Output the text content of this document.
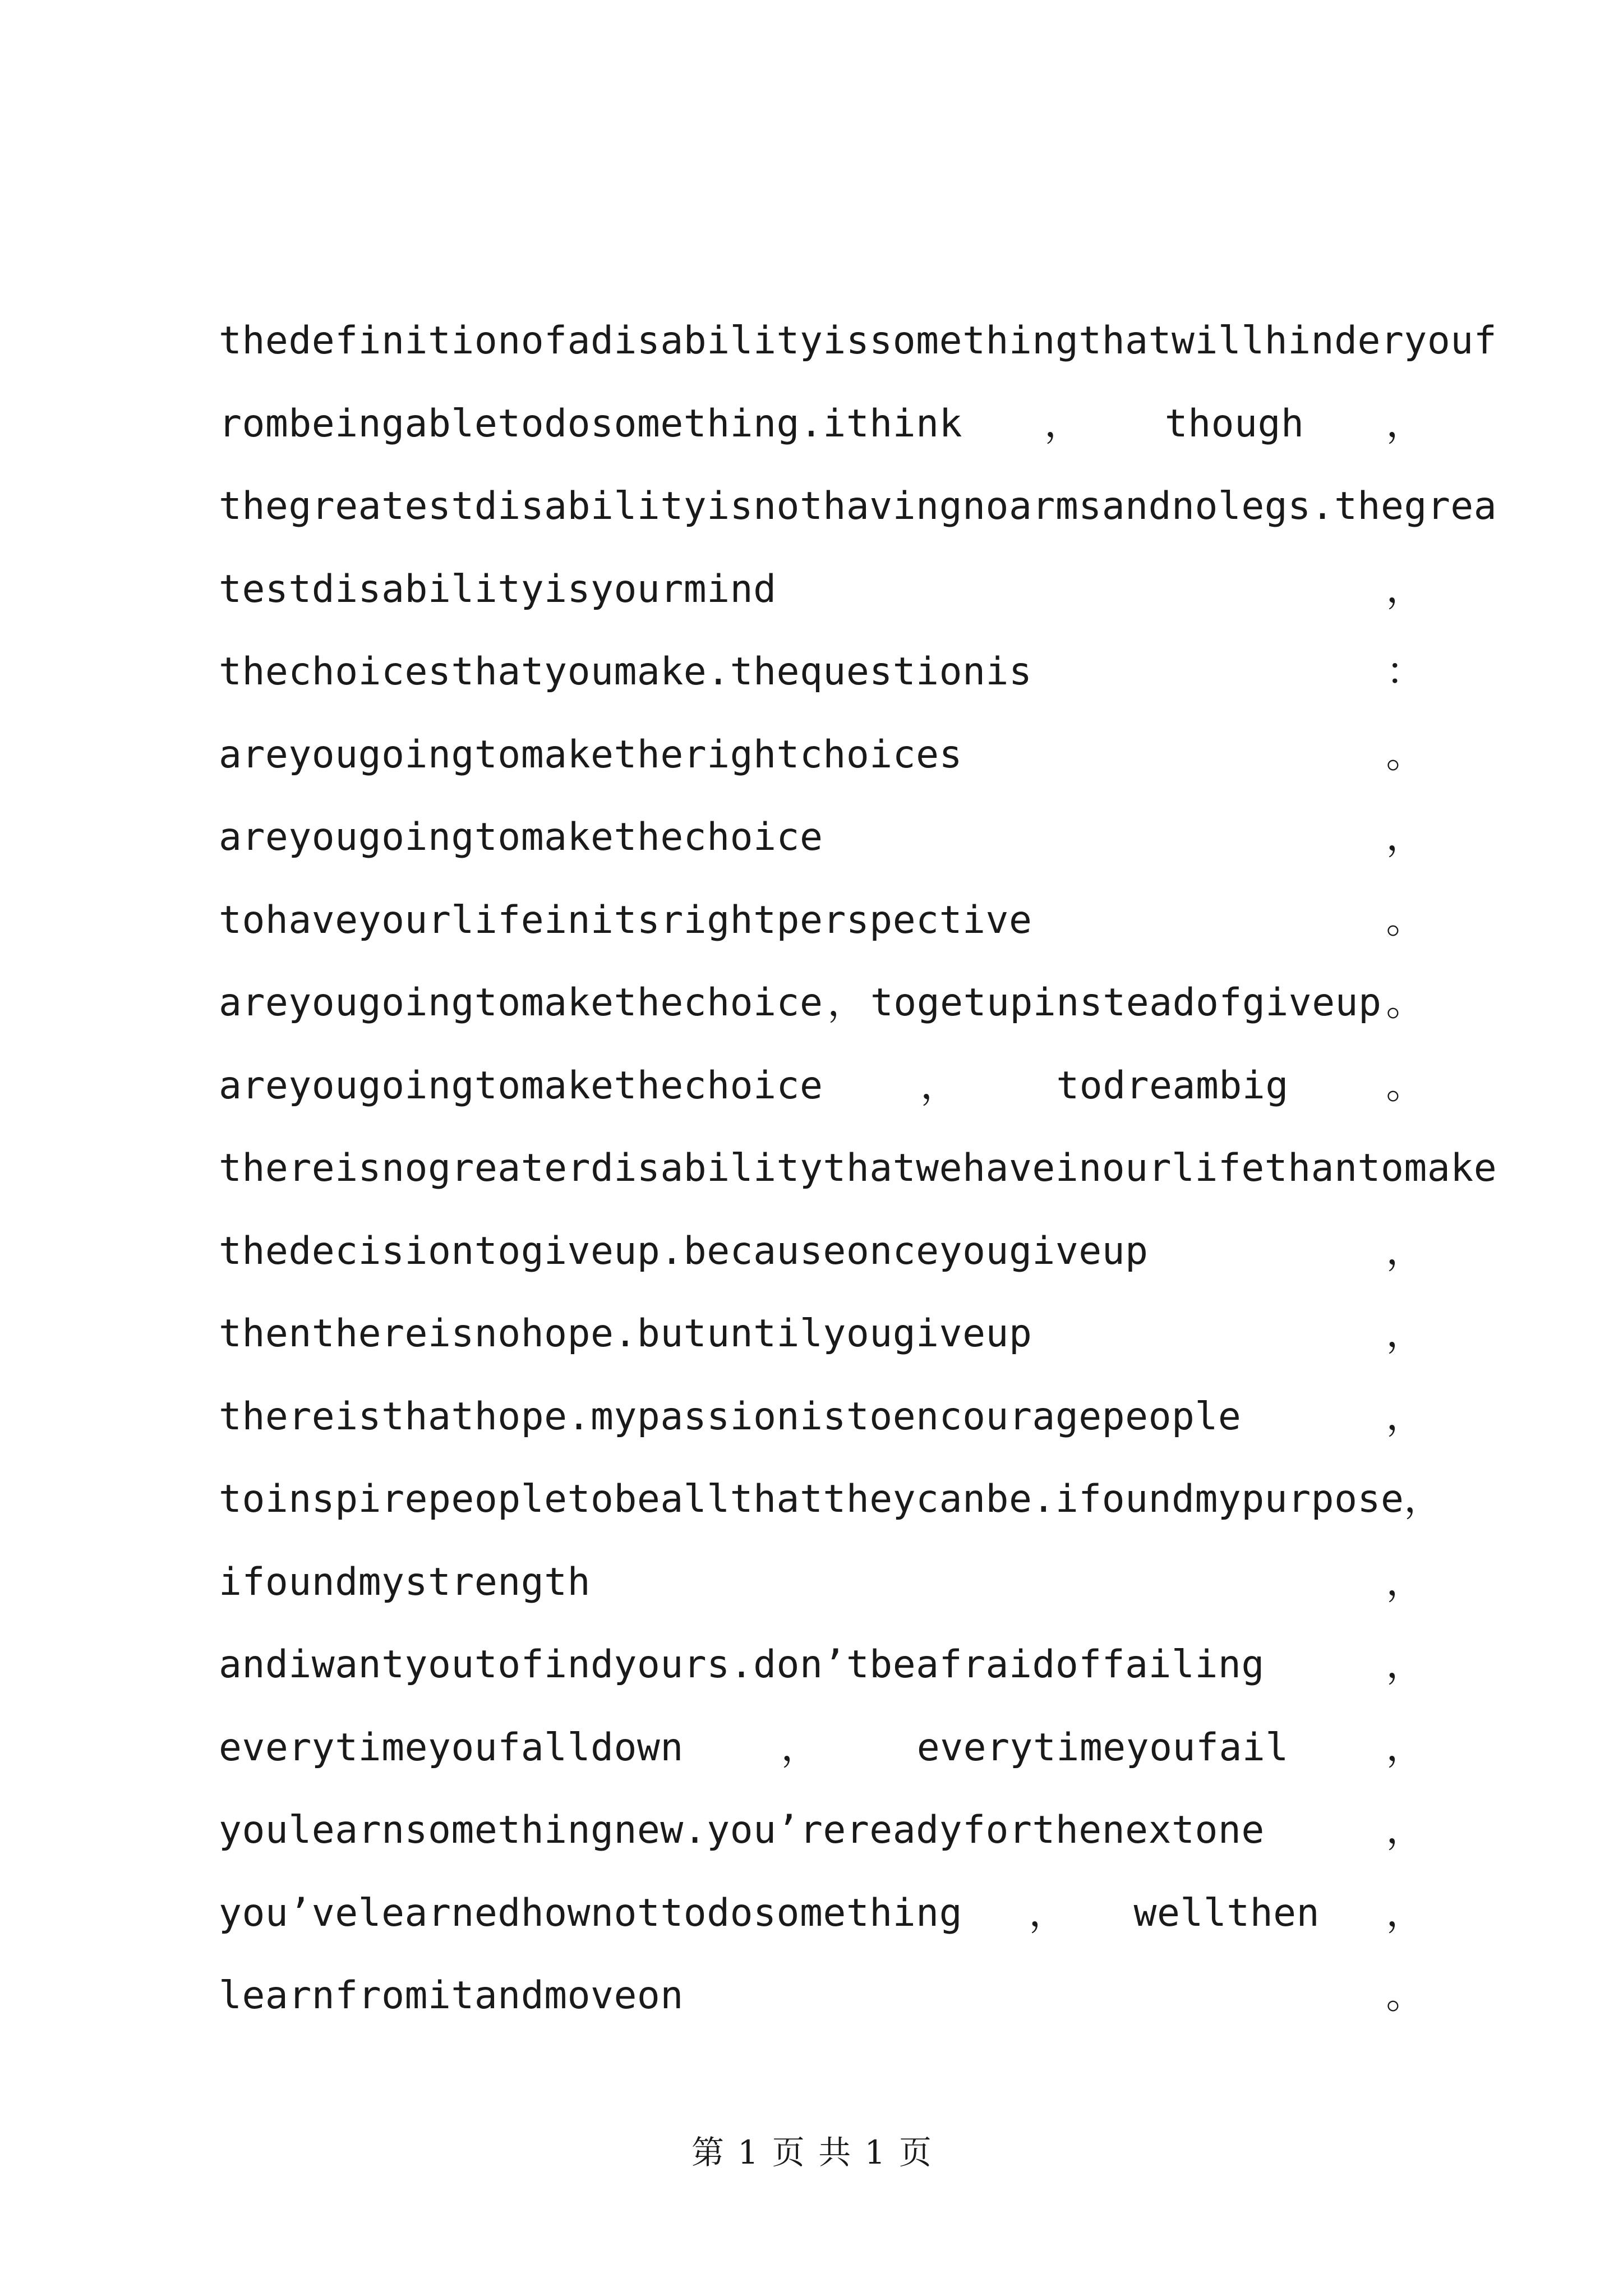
thedefinitionofadisabilityissomethingthatwillhinderyouf
rombeingabletodosomething.ithink ， though ，
thegreatestdisabilityisnothavingnoarmsandnolegs.thegrea
testdisabilityisyourmind	，
thechoicesthatyoumake.thequestionis	：
areyougoingtomaketherightchoices	。
areyougoingtomakethechoice	，
tohaveyourlifeinitsrightperspective	。
areyougoingtomakethechoice ， togetupinsteadofgiveup 。
areyougoingtomakethechoice	，	todreambig	。
thereisnogreaterdisabilitythatwehaveinourlifethantomake
thedecisiontogiveup.becauseonceyougiveup	，
thenthereisnohope.butuntilyougiveup	，
thereisthathope.mypassionistoencouragepeople	，
toinspirepeopletobeallthattheycanbe.ifoundmypurpose ，
ifoundmystrength	，
andiwantyoutofindyours.don’tbeafraidoffailing	，
everytimeyoufalldown	，	everytimeyoufail	，
youlearnsomethingnew.you’rereadyforthenextone	，
you’velearnedhownottodosomething ， wellthen ，
learnfromitandmoveon	。
第 1 页 共 1 页
